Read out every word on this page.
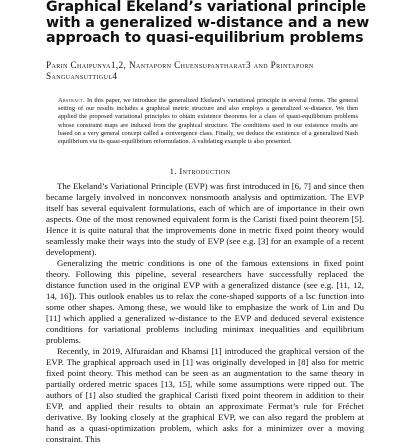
Graphical Ekeland’s variational principle with a generalized w-distance and a new approach to quasi-equilibrium problems
Parin Chaipunya1,2, Nantaporn Chuensupantharat3 and Printaporn Sanguansuttigul4
Abstract. In this paper, we introduce the generalized Ekeland’s variational principle in several forms. The general setting of our results includes a graphical metric structure and also employs a generalized w-distance. We then applied the proposed variational principles to obtain existence theorems for a class of quasi-equilibrium problems whose constraint maps are induced from the graphical structure. The conditions used in our existence results are based on a very general concept called a convergence class. Finally, we deduce the existence of a generalized Nash equilibrium via its quasi-equilibrium reformulation. A validating example is also presented.
1. Introduction

The Ekeland’s Variational Principle (EVP) was first introduced in [6, 7] and since then became largely involved in nonconvex nonsmooth analysis and optimization. The EVP itself has several equivalent formulations, each of which are of importance in their own aspects. One of the most renowned equivalent form is the Caristi fixed point theorem [5]. Hence it is quite natural that the improvements done in metric fixed point theory would seamlessly make their ways into the study of EVP (see e.g. [3] for an example of a recent development).

Generalizing the metric conditions is one of the famous extensions in fixed point theory. Following this pipeline, several researchers have successfully replaced the distance function used in the original EVP with a generalized distance (see e.g. [11, 12, 14, 16]). This outlook enables us to relax the cone-shaped supports of a lsc function into some other shapes. Among these, we would like to emphasize the work of Lin and Du [11] which applied a generalized w-distance to the EVP and deduced several existence conditions for variational problems including minimax inequalities and equilibrium problems.

Recently, in 2019, Alfuraidan and Khamsi [1] introduced the graphical version of the EVP. The graphical approach used in [1] was originally developed in [8] also for metric fixed point theory. This method can be seen as an augmentation to the same theory in partially ordered metric spaces [13, 15], while some assumptions were ripped out. The authors of [1] also studied the graphical Caristi fixed point theorem in addition to their EVP, and applied their results to obtain an approximate Fermat’s rule for Fréchet derivative. By looking closely at the graphical EVP, we can also regard the problem at hand as a quasi-optimization problem, which asks for a minimizer over a moving constraint. This
